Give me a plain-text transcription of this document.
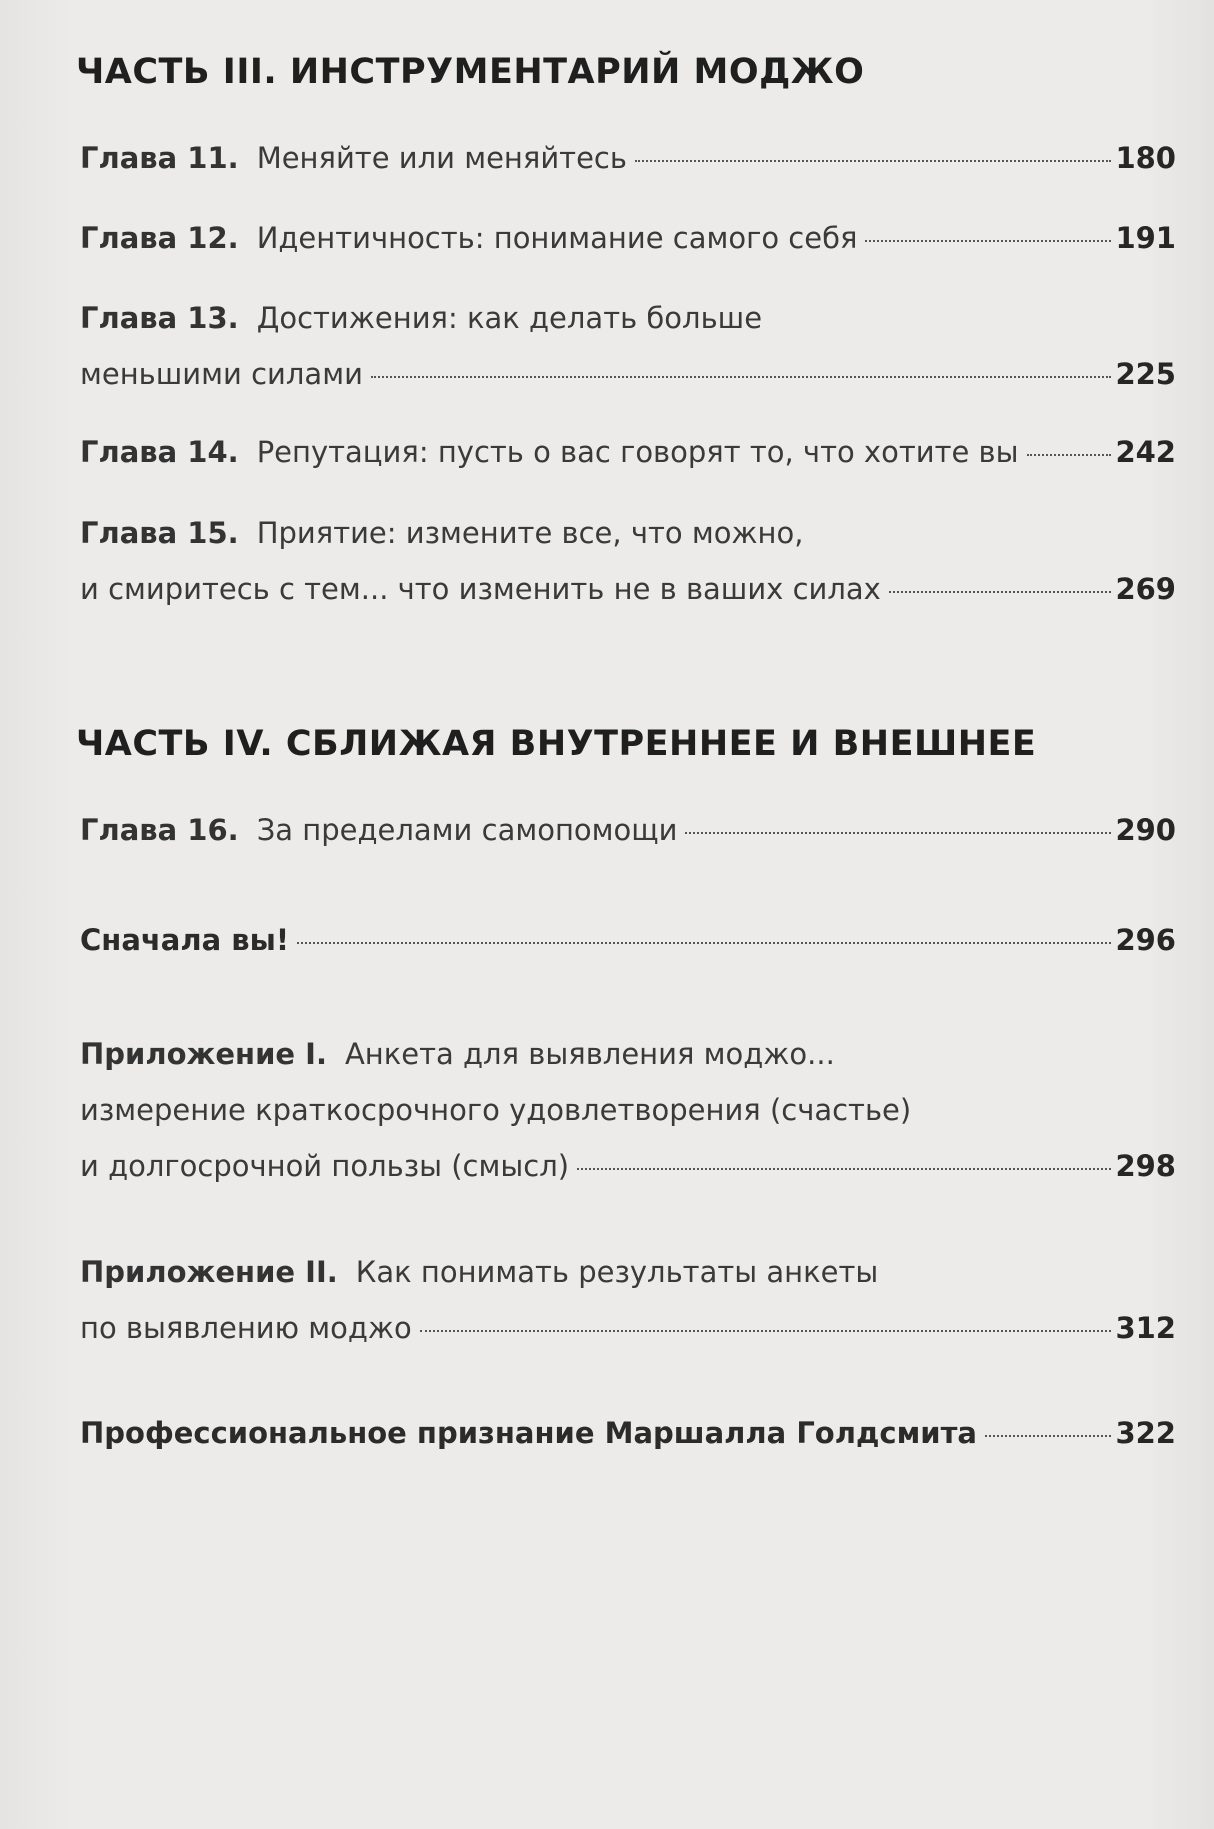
ЧАСТЬ III. ИНСТРУМЕНТАРИЙ МОДЖО
Глава 11. Меняйте или меняйтесь	180
Глава 12. Идентичность: понимание самого себя	191
Глава 13. Достижения: как делать больше
меньшими силами	225
Глава 14. Репутация: пусть о вас говорят то, что хотите вы	242
Глава 15. Приятие: измените все, что можно,
и смиритесь с тем... что изменить не в ваших силах	269
ЧАСТЬ IV. СБЛИЖАЯ ВНУТРЕННЕЕ И ВНЕШНЕЕ
Глава 16. За пределами самопомощи	290
Сначала вы!	296
Приложение I. Анкета для выявления моджо...
измерение краткосрочного удовлетворения (счастье)
и долгосрочной пользы (смысл)	298
Приложение II. Как понимать результаты анкеты
по выявлению моджо	312
Профессиональное признание Маршалла Голдсмита	322
